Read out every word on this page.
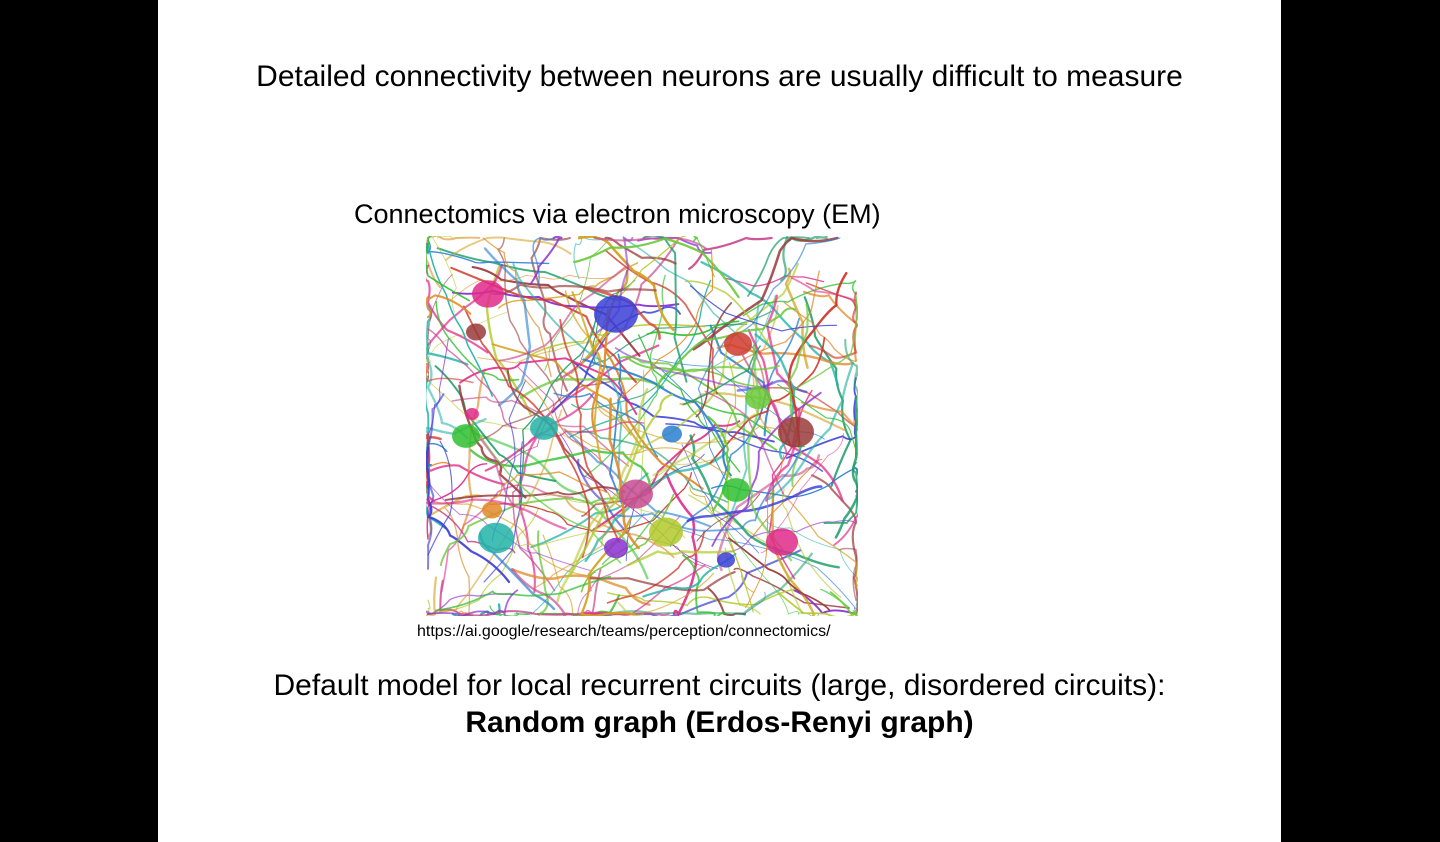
Detailed connectivity between neurons are usually difficult to measure
Connectomics via electron microscopy (EM)
https://ai.google/research/teams/perception/connectomics/
Default model for local recurrent circuits (large, disordered circuits):
Random graph (Erdos-Renyi graph)
